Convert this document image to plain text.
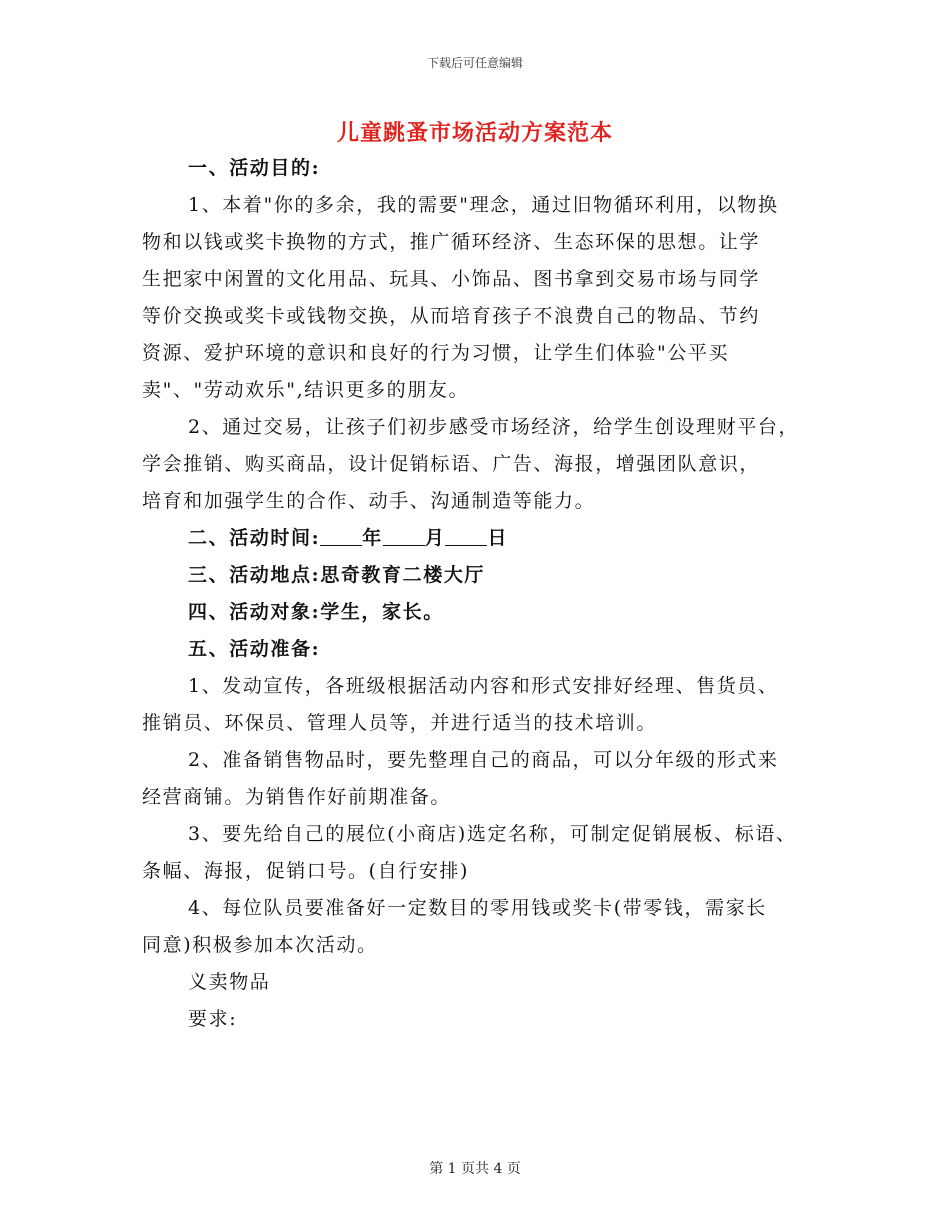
下载后可任意编辑
儿童跳蚤市场活动方案范本
一、活动目的:
1、本着"你的多余，我的需要"理念，通过旧物循环利用，以物换
物和以钱或奖卡换物的方式，推广循环经济、生态环保的思想。让学
生把家中闲置的文化用品、玩具、小饰品、图书拿到交易市场与同学
等价交换或奖卡或钱物交换，从而培育孩子不浪费自己的物品、节约
资源、爱护环境的意识和良好的行为习惯，让学生们体验"公平买
卖"、"劳动欢乐",结识更多的朋友。
2、通过交易，让孩子们初步感受市场经济，给学生创设理财平台，
学会推销、购买商品，设计促销标语、广告、海报，增强团队意识，
培育和加强学生的合作、动手、沟通制造等能力。
二、活动时间: 年 月 日
三、活动地点:思奇教育二楼大厅
四、活动对象:学生，家长。
五、活动准备:
1、发动宣传，各班级根据活动内容和形式安排好经理、售货员、
推销员、环保员、管理人员等，并进行适当的技术培训。
2、准备销售物品时，要先整理自己的商品，可以分年级的形式来
经营商铺。为销售作好前期准备。
3、要先给自己的展位(小商店)选定名称，可制定促销展板、标语、
条幅、海报，促销口号。(自行安排)
4、每位队员要准备好一定数目的零用钱或奖卡(带零钱，需家长
同意)积极参加本次活动。
义卖物品
要求:
第 1 页共 4 页
